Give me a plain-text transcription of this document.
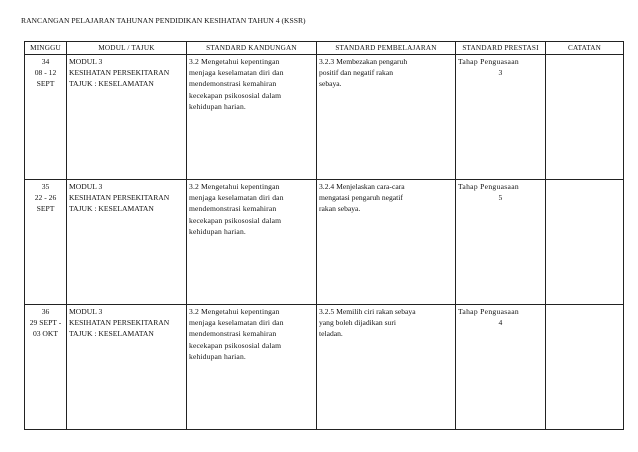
RANCANGAN PELAJARAN TAHUNAN PENDIDIKAN KESIHATAN TAHUN 4 (KSSR)
MINGGU	MODUL / TAJUK	STANDARD KANDUNGAN	STANDARD PEMBELAJARAN	STANDARD PRESTASI	CATATAN

34
08 - 12
SEPT	MODUL 3
KESIHATAN PERSEKITARAN
TAJUK : KESELAMATAN	3.2 Mengetahui kepentingan
menjaga keselamatan diri dan
mendemonstrasi kemahiran
kecekapan psikososial dalam
kehidupan harian.	3.2.3 Membezakan pengaruh
positif dan negatif rakan
sebaya.	Tahap Penguasaan
3	

35
22 - 26
SEPT	MODUL 3
KESIHATAN PERSEKITARAN
TAJUK : KESELAMATAN	3.2 Mengetahui kepentingan
menjaga keselamatan diri dan
mendemonstrasi kemahiran
kecekapan psikososial dalam
kehidupan harian.	3.2.4 Menjelaskan cara-cara
mengatasi pengaruh negatif
rakan sebaya.	Tahap Penguasaan
5	

36
29 SEPT -
03 OKT	MODUL 3
KESIHATAN PERSEKITARAN
TAJUK : KESELAMATAN	3.2 Mengetahui kepentingan
menjaga keselamatan diri dan
mendemonstrasi kemahiran
kecekapan psikososial dalam
kehidupan harian.	3.2.5 Memilih ciri rakan sebaya
yang boleh dijadikan suri
teladan.	Tahap Penguasaan
4	
